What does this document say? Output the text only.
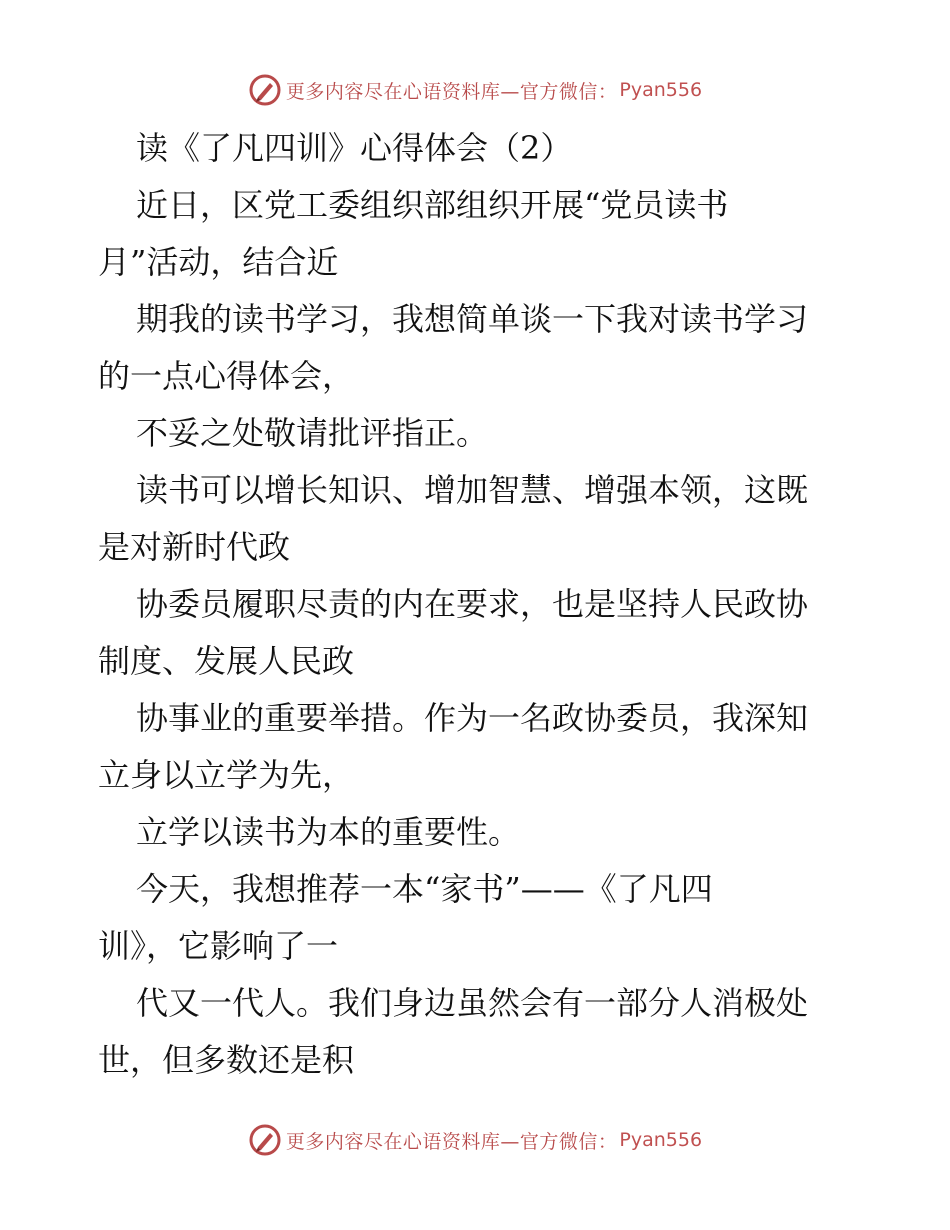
更多内容尽在心语资料库—官方微信： Pyan556
读《了凡四训》心得体会（2）
近日，区党工委组织部组织开展“党员读书
月”活动，结合近
期我的读书学习，我想简单谈一下我对读书学习
的一点心得体会，
不妥之处敬请批评指正。
读书可以增长知识、增加智慧、增强本领，这既
是对新时代政
协委员履职尽责的内在要求，也是坚持人民政协
制度、发展人民政
协事业的重要举措。作为一名政协委员，我深知
立身以立学为先，
立学以读书为本的重要性。
今天，我想推荐一本“家书”——《了凡四
训》，它影响了一
代又一代人。我们身边虽然会有一部分人消极处
世，但多数还是积
更多内容尽在心语资料库—官方微信： Pyan556
